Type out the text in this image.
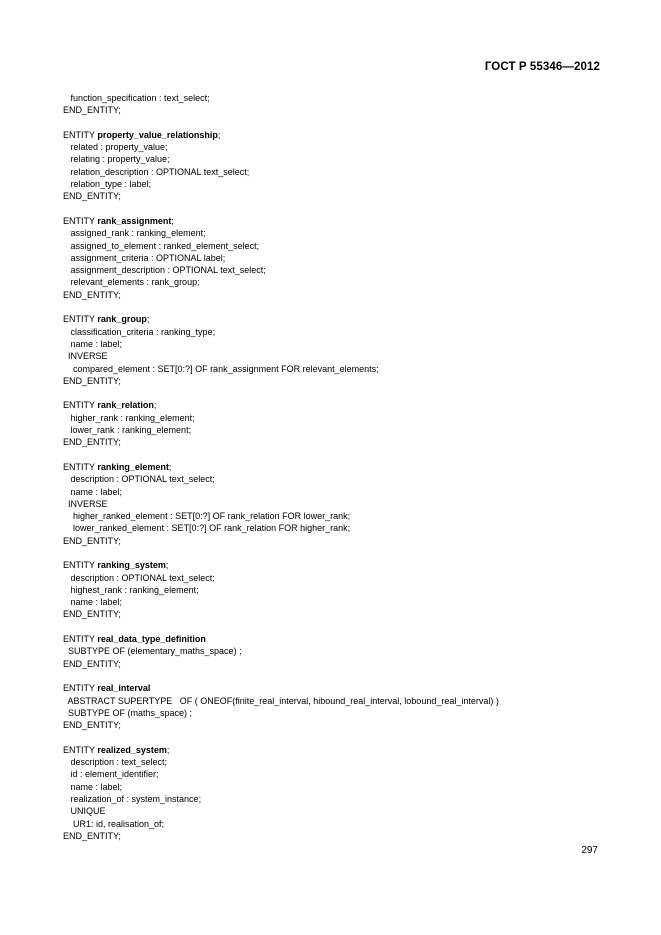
ГОСТ Р 55346—2012
function_specification : text_select;
END_ENTITY;
ENTITY property_value_relationship;
related : property_value;
relating : property_value;
relation_description : OPTIONAL text_select;
relation_type : label;
END_ENTITY;
ENTITY rank_assignment;
assigned_rank : ranking_element;
assigned_to_element : ranked_element_select;
assignment_criteria : OPTIONAL label;
assignment_description : OPTIONAL text_select;
relevant_elements : rank_group;
END_ENTITY;
ENTITY rank_group;
classification_criteria : ranking_type;
name : label;
INVERSE
compared_element : SET[0:?] OF rank_assignment FOR relevant_elements;
END_ENTITY;
ENTITY rank_relation;
higher_rank : ranking_element;
lower_rank : ranking_element;
END_ENTITY;
ENTITY ranking_element;
description : OPTIONAL text_select;
name : label;
INVERSE
higher_ranked_element : SET[0:?] OF rank_relation FOR lower_rank;
lower_ranked_element : SET[0:?] OF rank_relation FOR higher_rank;
END_ENTITY;
ENTITY ranking_system;
description : OPTIONAL text_select;
highest_rank : ranking_element;
name : label;
END_ENTITY;
ENTITY real_data_type_definition
SUBTYPE OF (elementary_maths_space) ;
END_ENTITY;
ENTITY real_interval
ABSTRACT SUPERTYPE   OF ( ONEOF(finite_real_interval, hibound_real_interval, lobound_real_interval) )
SUBTYPE OF (maths_space) ;
END_ENTITY;
ENTITY realized_system;
description : text_select;
id : element_identifier;
name : label;
realization_of : system_instance;
UNIQUE
UR1: id, realisation_of;
END_ENTITY;
297
